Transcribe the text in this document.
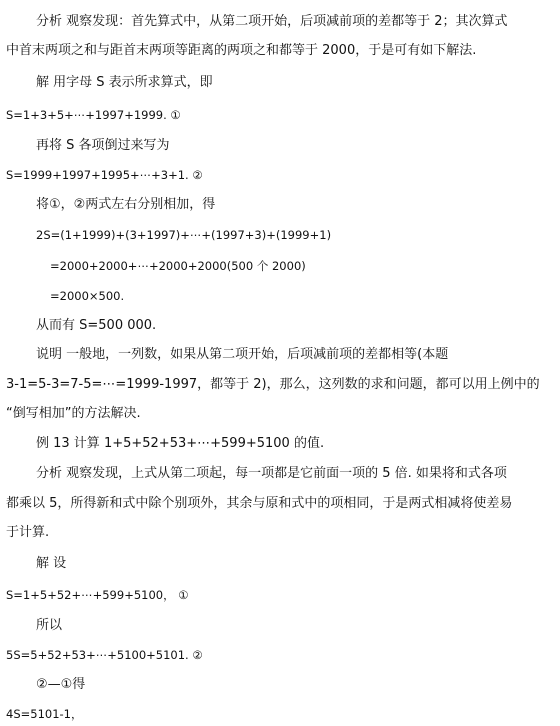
分析 观察发现：首先算式中，从第二项开始，后项减前项的差都等于 2；其次算式
中首末两项之和与距首末两项等距离的两项之和都等于 2000，于是可有如下解法.
解 用字母 S 表示所求算式，即
S=1+3+5+⋯+1997+1999. ①
再将 S 各项倒过来写为
S=1999+1997+1995+⋯+3+1. ②
将①，②两式左右分别相加，得
2S=(1+1999)+(3+1997)+⋯+(1997+3)+(1999+1)
=2000+2000+⋯+2000+2000(500 个 2000)
=2000×500.
从而有 S=500 000.
说明 一般地，一列数，如果从第二项开始，后项减前项的差都相等(本题
3-1=5-3=7-5=⋯=1999-1997，都等于 2)，那么，这列数的求和问题，都可以用上例中的
“倒写相加”的方法解决.
例 13 计算 1+5+52+53+⋯+599+5100 的值.
分析 观察发现，上式从第二项起，每一项都是它前面一项的 5 倍. 如果将和式各项
都乘以 5，所得新和式中除个别项外，其余与原和式中的项相同，于是两式相减将使差易
于计算.
解 设
S=1+5+52+⋯+599+5100， ①
所以
5S=5+52+53+⋯+5100+5101. ②
②—①得
4S=5101-1，
